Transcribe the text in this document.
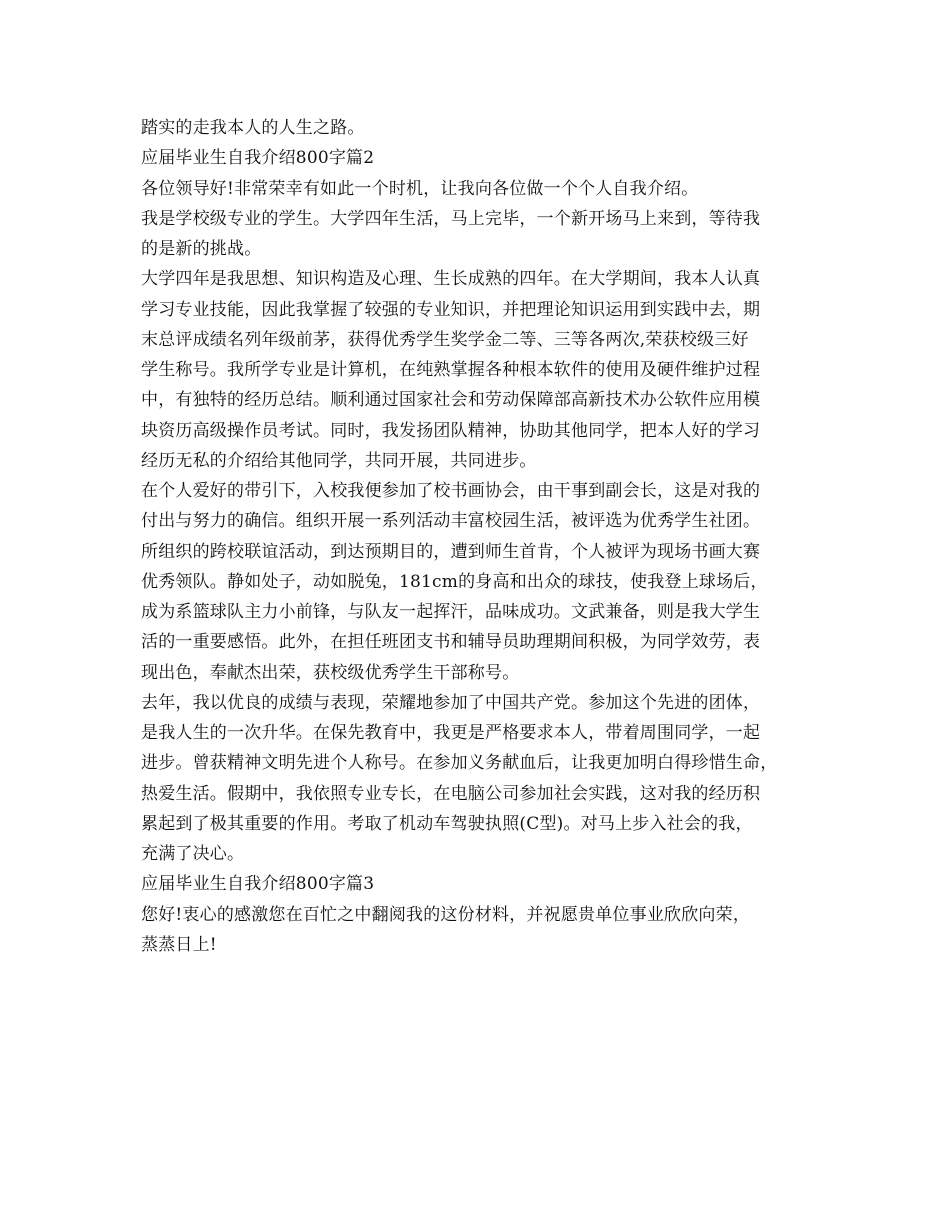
踏实的走我本人的人生之路。
应届毕业生自我介绍800字篇2
各位领导好!非常荣幸有如此一个时机，让我向各位做一个个人自我介绍。
我是学校级专业的学生。大学四年生活，马上完毕，一个新开场马上来到，等待我
的是新的挑战。
大学四年是我思想、知识构造及心理、生长成熟的四年。在大学期间，我本人认真
学习专业技能，因此我掌握了较强的专业知识，并把理论知识运用到实践中去，期
末总评成绩名列年级前茅，获得优秀学生奖学金二等、三等各两次,荣获校级三好
学生称号。我所学专业是计算机，在纯熟掌握各种根本软件的使用及硬件维护过程
中，有独特的经历总结。顺利通过国家社会和劳动保障部高新技术办公软件应用模
块资历高级操作员考试。同时，我发扬团队精神，协助其他同学，把本人好的学习
经历无私的介绍给其他同学，共同开展，共同进步。
在个人爱好的带引下，入校我便参加了校书画协会，由干事到副会长，这是对我的
付出与努力的确信。组织开展一系列活动丰富校园生活，被评选为优秀学生社团。
所组织的跨校联谊活动，到达预期目的，遭到师生首肯，个人被评为现场书画大赛
优秀领队。静如处子，动如脱兔，181cm的身高和出众的球技，使我登上球场后，
成为系篮球队主力小前锋，与队友一起挥汗，品味成功。文武兼备，则是我大学生
活的一重要感悟。此外，在担任班团支书和辅导员助理期间积极，为同学效劳，表
现出色，奉献杰出荣，获校级优秀学生干部称号。
去年，我以优良的成绩与表现，荣耀地参加了中国共产党。参加这个先进的团体，
是我人生的一次升华。在保先教育中，我更是严格要求本人，带着周围同学，一起
进步。曾获精神文明先进个人称号。在参加义务献血后，让我更加明白得珍惜生命，
热爱生活。假期中，我依照专业专长，在电脑公司参加社会实践，这对我的经历积
累起到了极其重要的作用。考取了机动车驾驶执照(C型)。对马上步入社会的我，
充满了决心。
应届毕业生自我介绍800字篇3
您好!衷心的感激您在百忙之中翻阅我的这份材料，并祝愿贵单位事业欣欣向荣，
蒸蒸日上!
